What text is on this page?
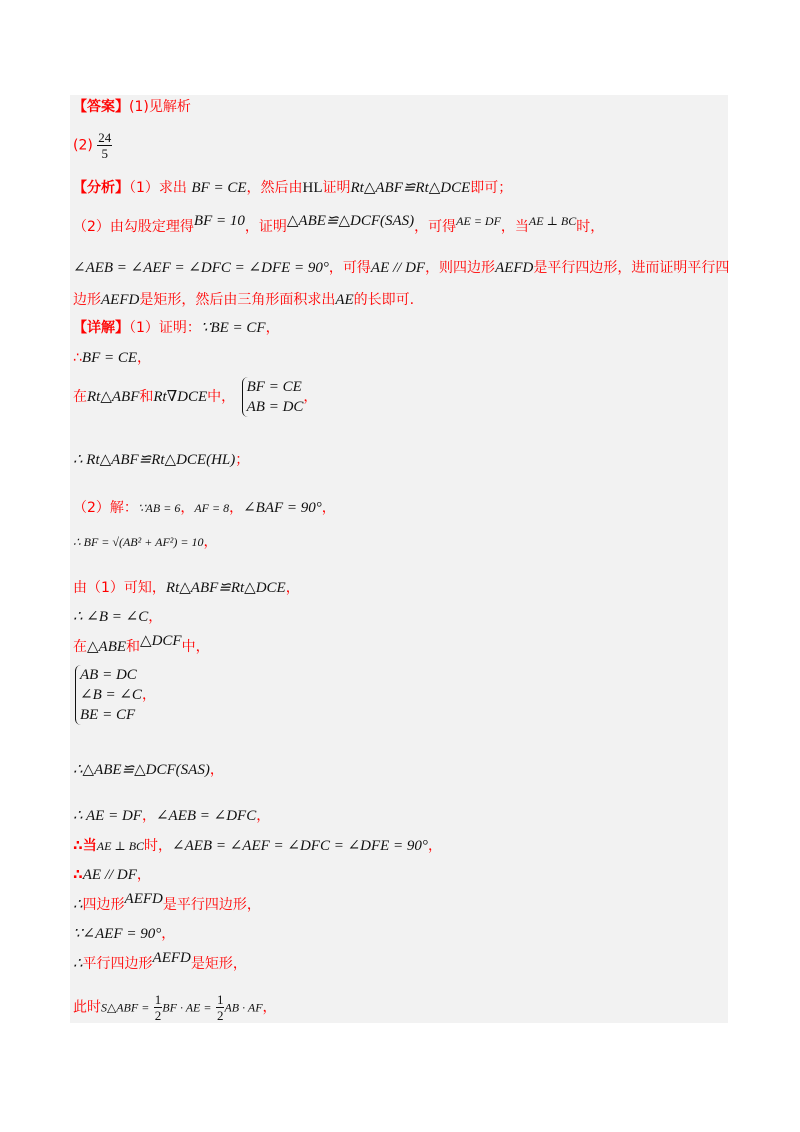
【答案】(1)见解析
$(2) \frac{24}{5}$
【分析】（1）求出 BF = CE，然后由HL证明Rt△ABF≌Rt△DCE即可；
（2）由勾股定理得BF = 10，证明△ABE≌△DCF(SAS)，可得AE = DF，当AE ⊥ BC时，
∠AEB = ∠AEF = ∠DFC = ∠DFE = 90°，可得AE // DF，则四边形AEFD是平行四边形，进而证明平行四
边形AEFD是矩形，然后由三角形面积求出AE的长即可.
【详解】（1）证明：∵BE = CF，
∴BF = CE，
在Rt△ABF和Rt∇DCE中，
BF = CE
AB = DC
，
∴ Rt△ABF≌Rt△DCE(HL)；
（2）解：∵AB = 6，AF = 8，∠BAF = 90°，
∴ BF = √(AB² + AF²) = 10，
由（1）可知，Rt△ABF≌Rt△DCE，
∴ ∠B = ∠C，
在△ABE和△DCF中，
AB = DC
∠B = ∠C
BE = CF
，
∴△ABE≌△DCF(SAS)，
∴ AE = DF，∠AEB = ∠DFC，
∴当AE ⊥ BC时，∠AEB = ∠AEF = ∠DFC = ∠DFE = 90°，
∴AE // DF，
∴四边形AEFD是平行四边形，
∵∠AEF = 90°，
∴平行四边形AEFD是矩形，
此时S△ABF = $\frac{1}{2}$ BF · AE = $\frac{1}{2}$ AB · AF，
